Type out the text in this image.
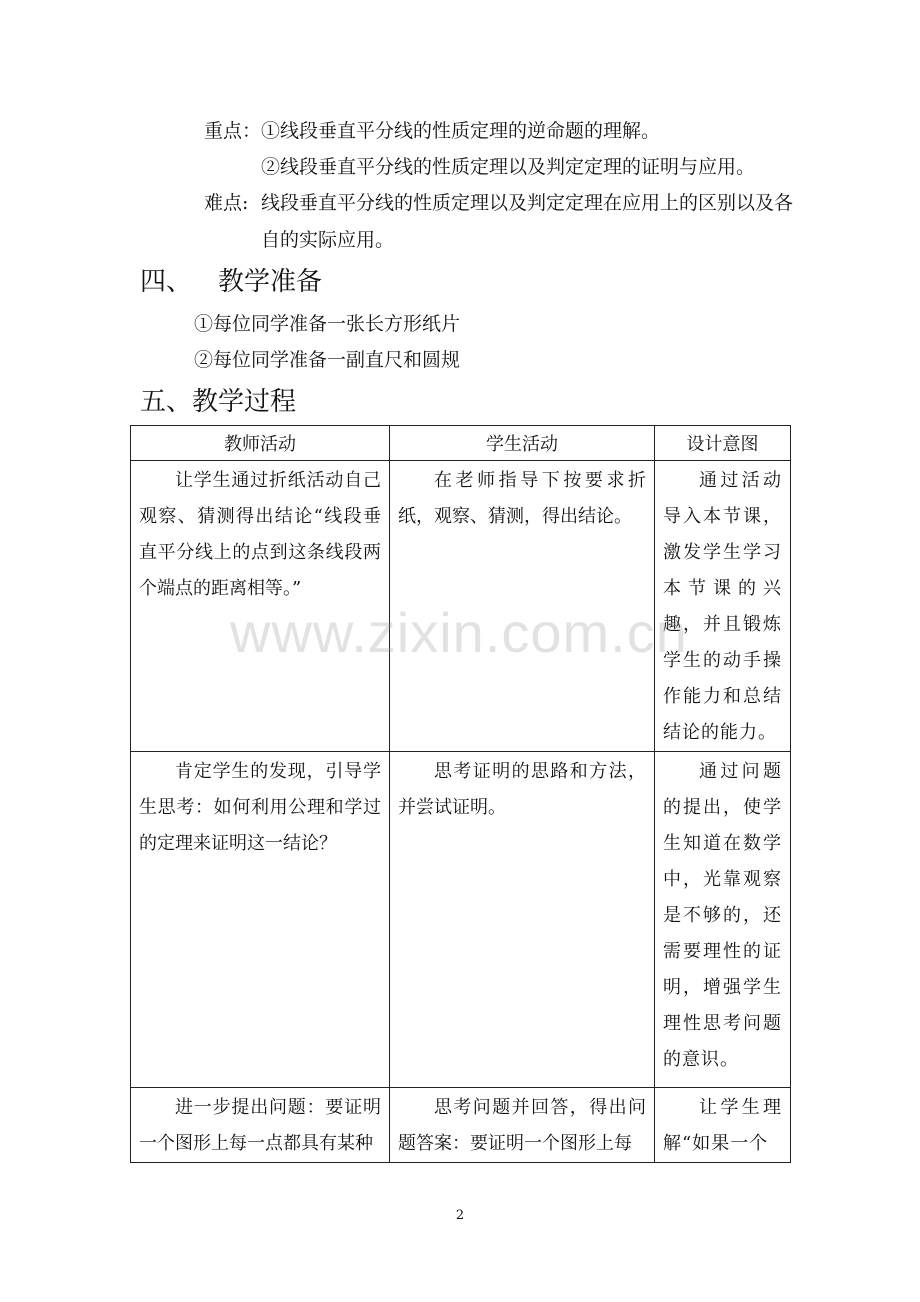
重点：①线段垂直平分线的性质定理的逆命题的理解。
②线段垂直平分线的性质定理以及判定定理的证明与应用。
难点: 线段垂直平分线的性质定理以及判定定理在应用上的区别以及各
自的实际应用。
四、 教学准备
①每位同学准备一张长方形纸片
②每位同学准备一副直尺和圆规
五、教学过程
教师活动	学生活动	设计意图
让学生通过折纸活动自己观察、猜测得出结论“线段垂直平分线上的点到这条线段两个端点的距离相等。”	在老师指导下按要求折纸，观察、猜测，得出结论。	通过活动导入本节课，激发学生学习本节课的兴趣，并且锻炼学生的动手操作能力和总结结论的能力。
肯定学生的发现，引导学生思考：如何利用公理和学过的定理来证明这一结论？	思考证明的思路和方法，并尝试证明。	通过问题的提出，使学生知道在数学中，光靠观察是不够的，还需要理性的证明，增强学生理性思考问题的意识。
进一步提出问题：要证明一个图形上每一点都具有某种	思考问题并回答，得出问题答案：要证明一个图形上每	让学生理解“如果一个
www.zixin.com.cn
2
